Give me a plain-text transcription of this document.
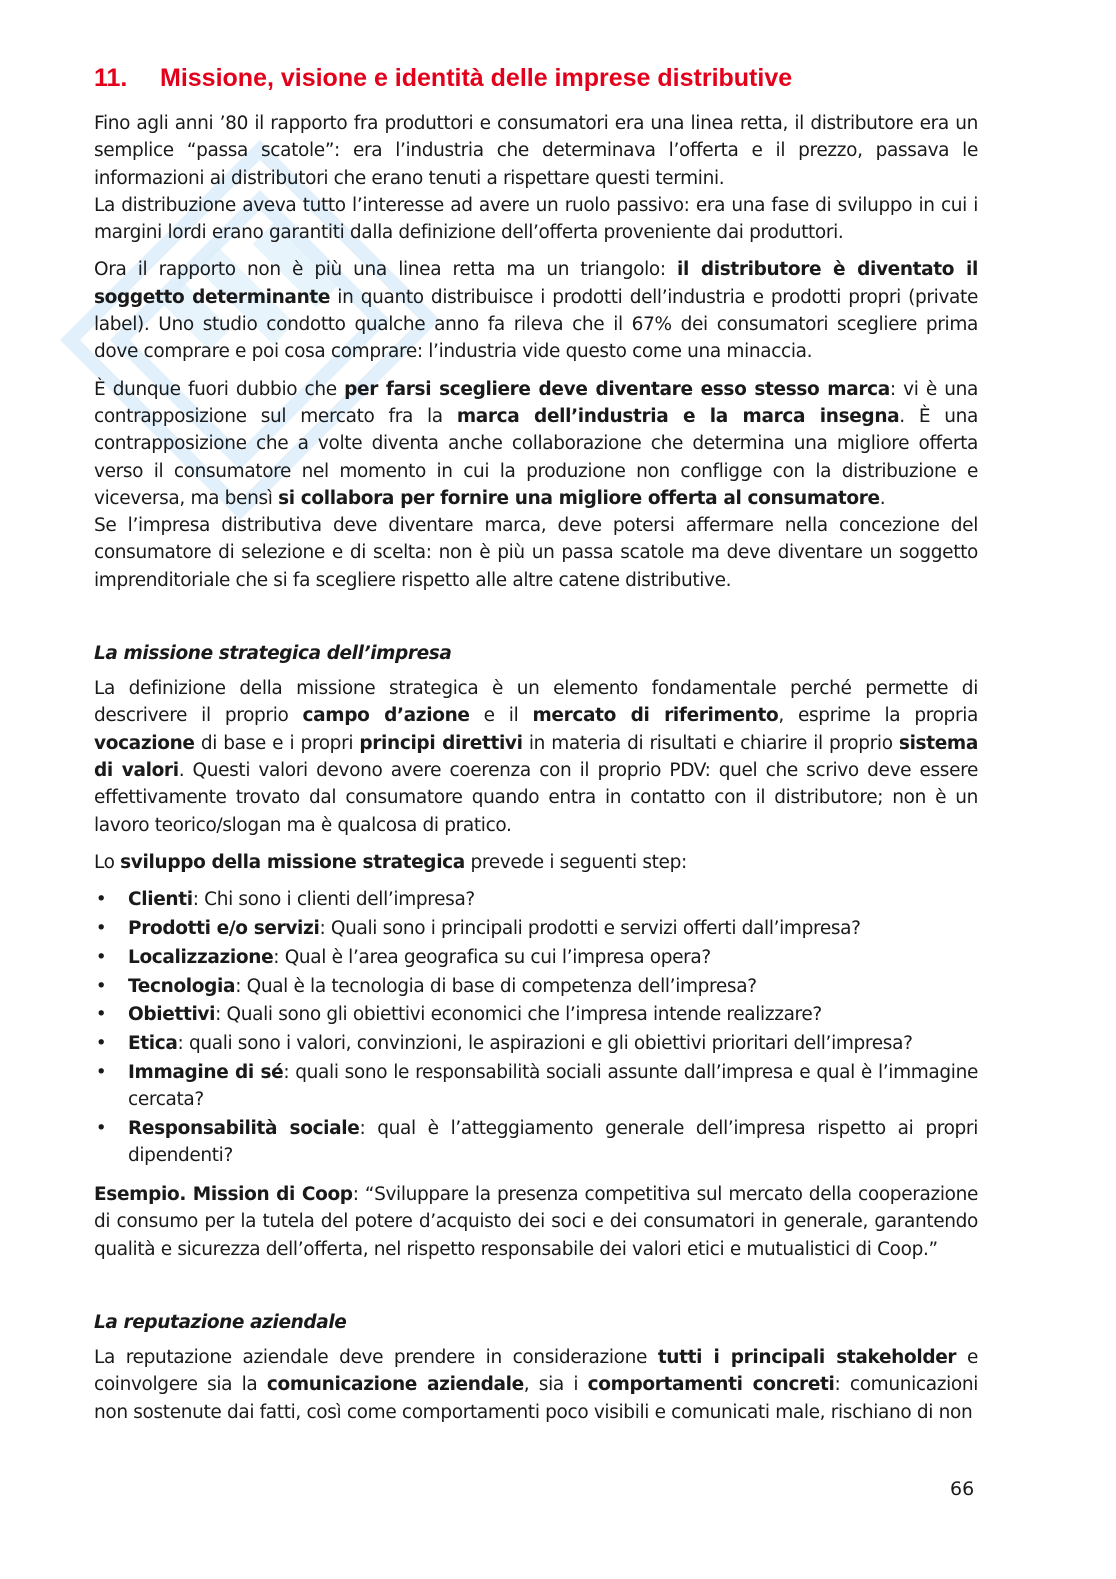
11. Missione, visione e identità delle imprese distributive

Fino agli anni ’80 il rapporto fra produttori e consumatori era una linea retta, il distributore era un semplice “passa scatole”: era l’industria che determinava l’offerta e il prezzo, passava le informazioni ai distributori che erano tenuti a rispettare questi termini.

La distribuzione aveva tutto l’interesse ad avere un ruolo passivo: era una fase di sviluppo in cui i margini lordi erano garantiti dalla definizione dell’offerta proveniente dai produttori.

Ora il rapporto non è più una linea retta ma un triangolo: il distributore è diventato il soggetto determinante in quanto distribuisce i prodotti dell’industria e prodotti propri (private label). Uno studio condotto qualche anno fa rileva che il 67% dei consumatori scegliere prima dove comprare e poi cosa comprare: l’industria vide questo come una minaccia.

È dunque fuori dubbio che per farsi scegliere deve diventare esso stesso marca: vi è una contrapposizione sul mercato fra la marca dell’industria e la marca insegna. È una contrapposizione che a volte diventa anche collaborazione che determina una migliore offerta verso il consumatore nel momento in cui la produzione non confligge con la distribuzione e viceversa, ma bensì si collabora per fornire una migliore offerta al consumatore.

Se l’impresa distributiva deve diventare marca, deve potersi affermare nella concezione del consumatore di selezione e di scelta: non è più un passa scatole ma deve diventare un soggetto imprenditoriale che si fa scegliere rispetto alle altre catene distributive.

La missione strategica dell’impresa

La definizione della missione strategica è un elemento fondamentale perché permette di descrivere il proprio campo d’azione e il mercato di riferimento, esprime la propria vocazione di base e i propri principi direttivi in materia di risultati e chiarire il proprio sistema di valori. Questi valori devono avere coerenza con il proprio PDV: quel che scrivo deve essere effettivamente trovato dal consumatore quando entra in contatto con il distributore; non è un lavoro teorico/slogan ma è qualcosa di pratico.

Lo sviluppo della missione strategica prevede i seguenti step:

• Clienti: Chi sono i clienti dell’impresa?
• Prodotti e/o servizi: Quali sono i principali prodotti e servizi offerti dall’impresa?
• Localizzazione: Qual è l’area geografica su cui l’impresa opera?
• Tecnologia: Qual è la tecnologia di base di competenza dell’impresa?
• Obiettivi: Quali sono gli obiettivi economici che l’impresa intende realizzare?
• Etica: quali sono i valori, convinzioni, le aspirazioni e gli obiettivi prioritari dell’impresa?
• Immagine di sé: quali sono le responsabilità sociali assunte dall’impresa e qual è l’immagine cercata?
• Responsabilità sociale: qual è l’atteggiamento generale dell’impresa rispetto ai propri dipendenti?

Esempio. Mission di Coop: “Sviluppare la presenza competitiva sul mercato della cooperazione di consumo per la tutela del potere d’acquisto dei soci e dei consumatori in generale, garantendo qualità e sicurezza dell’offerta, nel rispetto responsabile dei valori etici e mutualistici di Coop.”

La reputazione aziendale

La reputazione aziendale deve prendere in considerazione tutti i principali stakeholder e coinvolgere sia la comunicazione aziendale, sia i comportamenti concreti: comunicazioni non sostenute dai fatti, così come comportamenti poco visibili e comunicati male, rischiano di non

66
